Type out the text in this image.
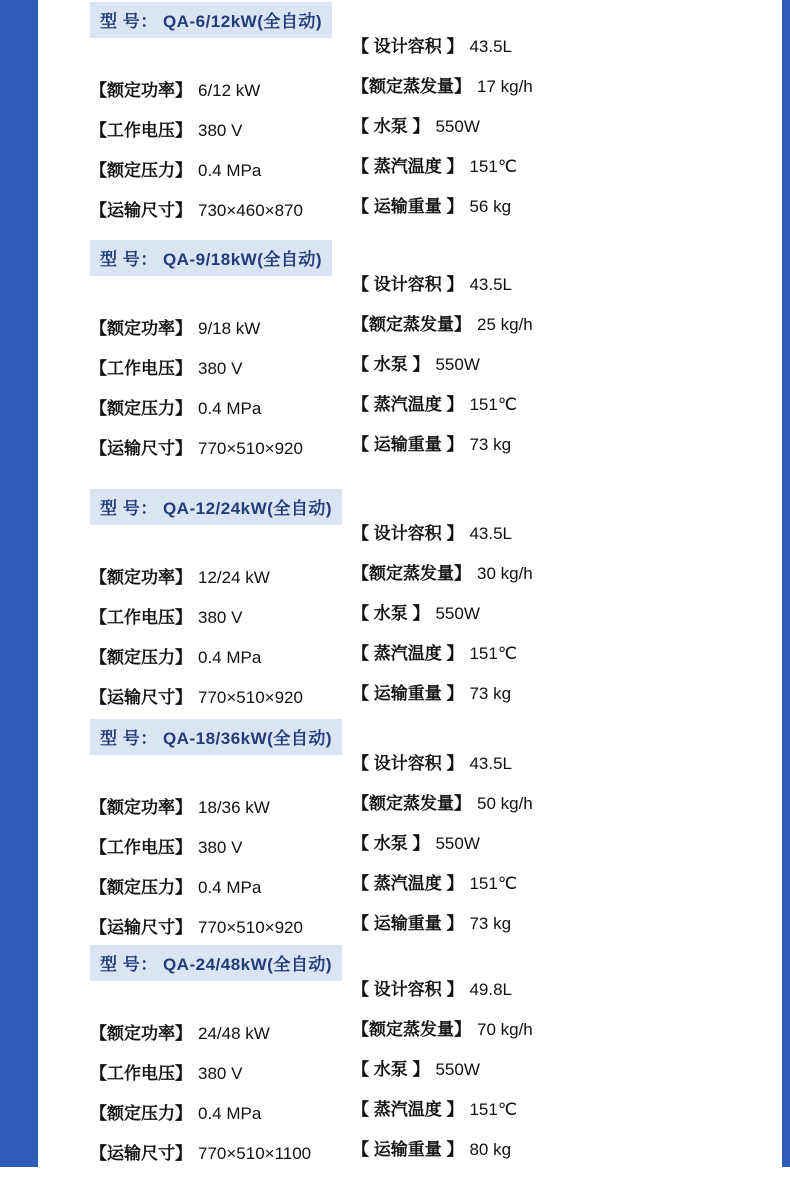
型 号： QA-6/12kW(全自动)
【额定功率】 6/12 kW
【工作电压】 380 V
【额定压力】 0.4 MPa
【运输尺寸】 730×460×870
【 设计容积 】 43.5L
【额定蒸发量】 17 kg/h
【 水泵 】 550W
【 蒸汽温度 】 151℃
【 运输重量 】 56 kg
型 号： QA-9/18kW(全自动)
【额定功率】 9/18 kW
【工作电压】 380 V
【额定压力】 0.4 MPa
【运输尺寸】 770×510×920
【 设计容积 】 43.5L
【额定蒸发量】 25 kg/h
【 水泵 】 550W
【 蒸汽温度 】 151℃
【 运输重量 】 73 kg
型 号： QA-12/24kW(全自动)
【额定功率】 12/24 kW
【工作电压】 380 V
【额定压力】 0.4 MPa
【运输尺寸】 770×510×920
【 设计容积 】 43.5L
【额定蒸发量】 30 kg/h
【 水泵 】 550W
【 蒸汽温度 】 151℃
【 运输重量 】 73 kg
型 号： QA-18/36kW(全自动)
【额定功率】 18/36 kW
【工作电压】 380 V
【额定压力】 0.4 MPa
【运输尺寸】 770×510×920
【 设计容积 】 43.5L
【额定蒸发量】 50 kg/h
【 水泵 】 550W
【 蒸汽温度 】 151℃
【 运输重量 】 73 kg
型 号： QA-24/48kW(全自动)
【额定功率】 24/48 kW
【工作电压】 380 V
【额定压力】 0.4 MPa
【运输尺寸】 770×510×1100
【 设计容积 】 49.8L
【额定蒸发量】 70 kg/h
【 水泵 】 550W
【 蒸汽温度 】 151℃
【 运输重量 】 80 kg
